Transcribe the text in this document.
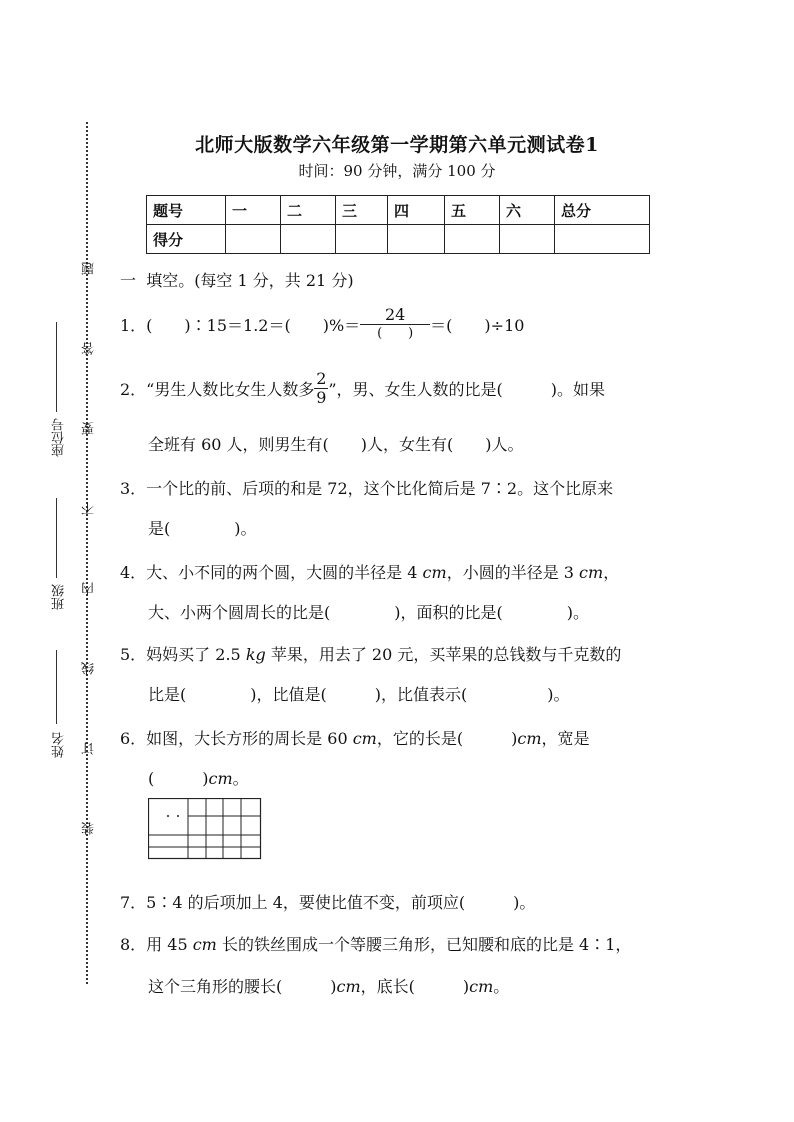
北师大版数学六年级第一学期第六单元测试卷1
时间：90 分钟，满分 100 分
题号	一	二	三	四	五	六	总分
得分							
题
答
要
不
内
线
订
装
座位号
班级
姓名
一 填空。(每空 1 分，共 21 分)
1．(　　)∶15＝1.2＝(　　)%＝ $\frac{24}{( )}$ ＝(　　)÷10
2．“男生人数比女生人数多 $\frac{2}{9}$ ”，男、女生人数的比是(　　　)。如果
全班有 60 人，则男生有(　　)人，女生有(　　)人。
3．一个比的前、后项的和是 72，这个比化简后是 7∶2。这个比原来
是(　　　　)。
4．大、小不同的两个圆，大圆的半径是 4 cm，小圆的半径是 3 cm，
大、小两个圆周长的比是(　　　　)，面积的比是(　　　　)。
5．妈妈买了 2.5 kg 苹果，用去了 20 元，买苹果的总钱数与千克数的
比是(　　　　)，比值是(　　　)，比值表示(　　　　　)。
6．如图，大长方形的周长是 60 cm，它的长是(　　　)cm，宽是
(　　　)cm。
7．5∶4 的后项加上 4，要使比值不变，前项应(　　　)。
8．用 45 cm 长的铁丝围成一个等腰三角形，已知腰和底的比是 4∶1，
这个三角形的腰长(　　　)cm，底长(　　　)cm。
